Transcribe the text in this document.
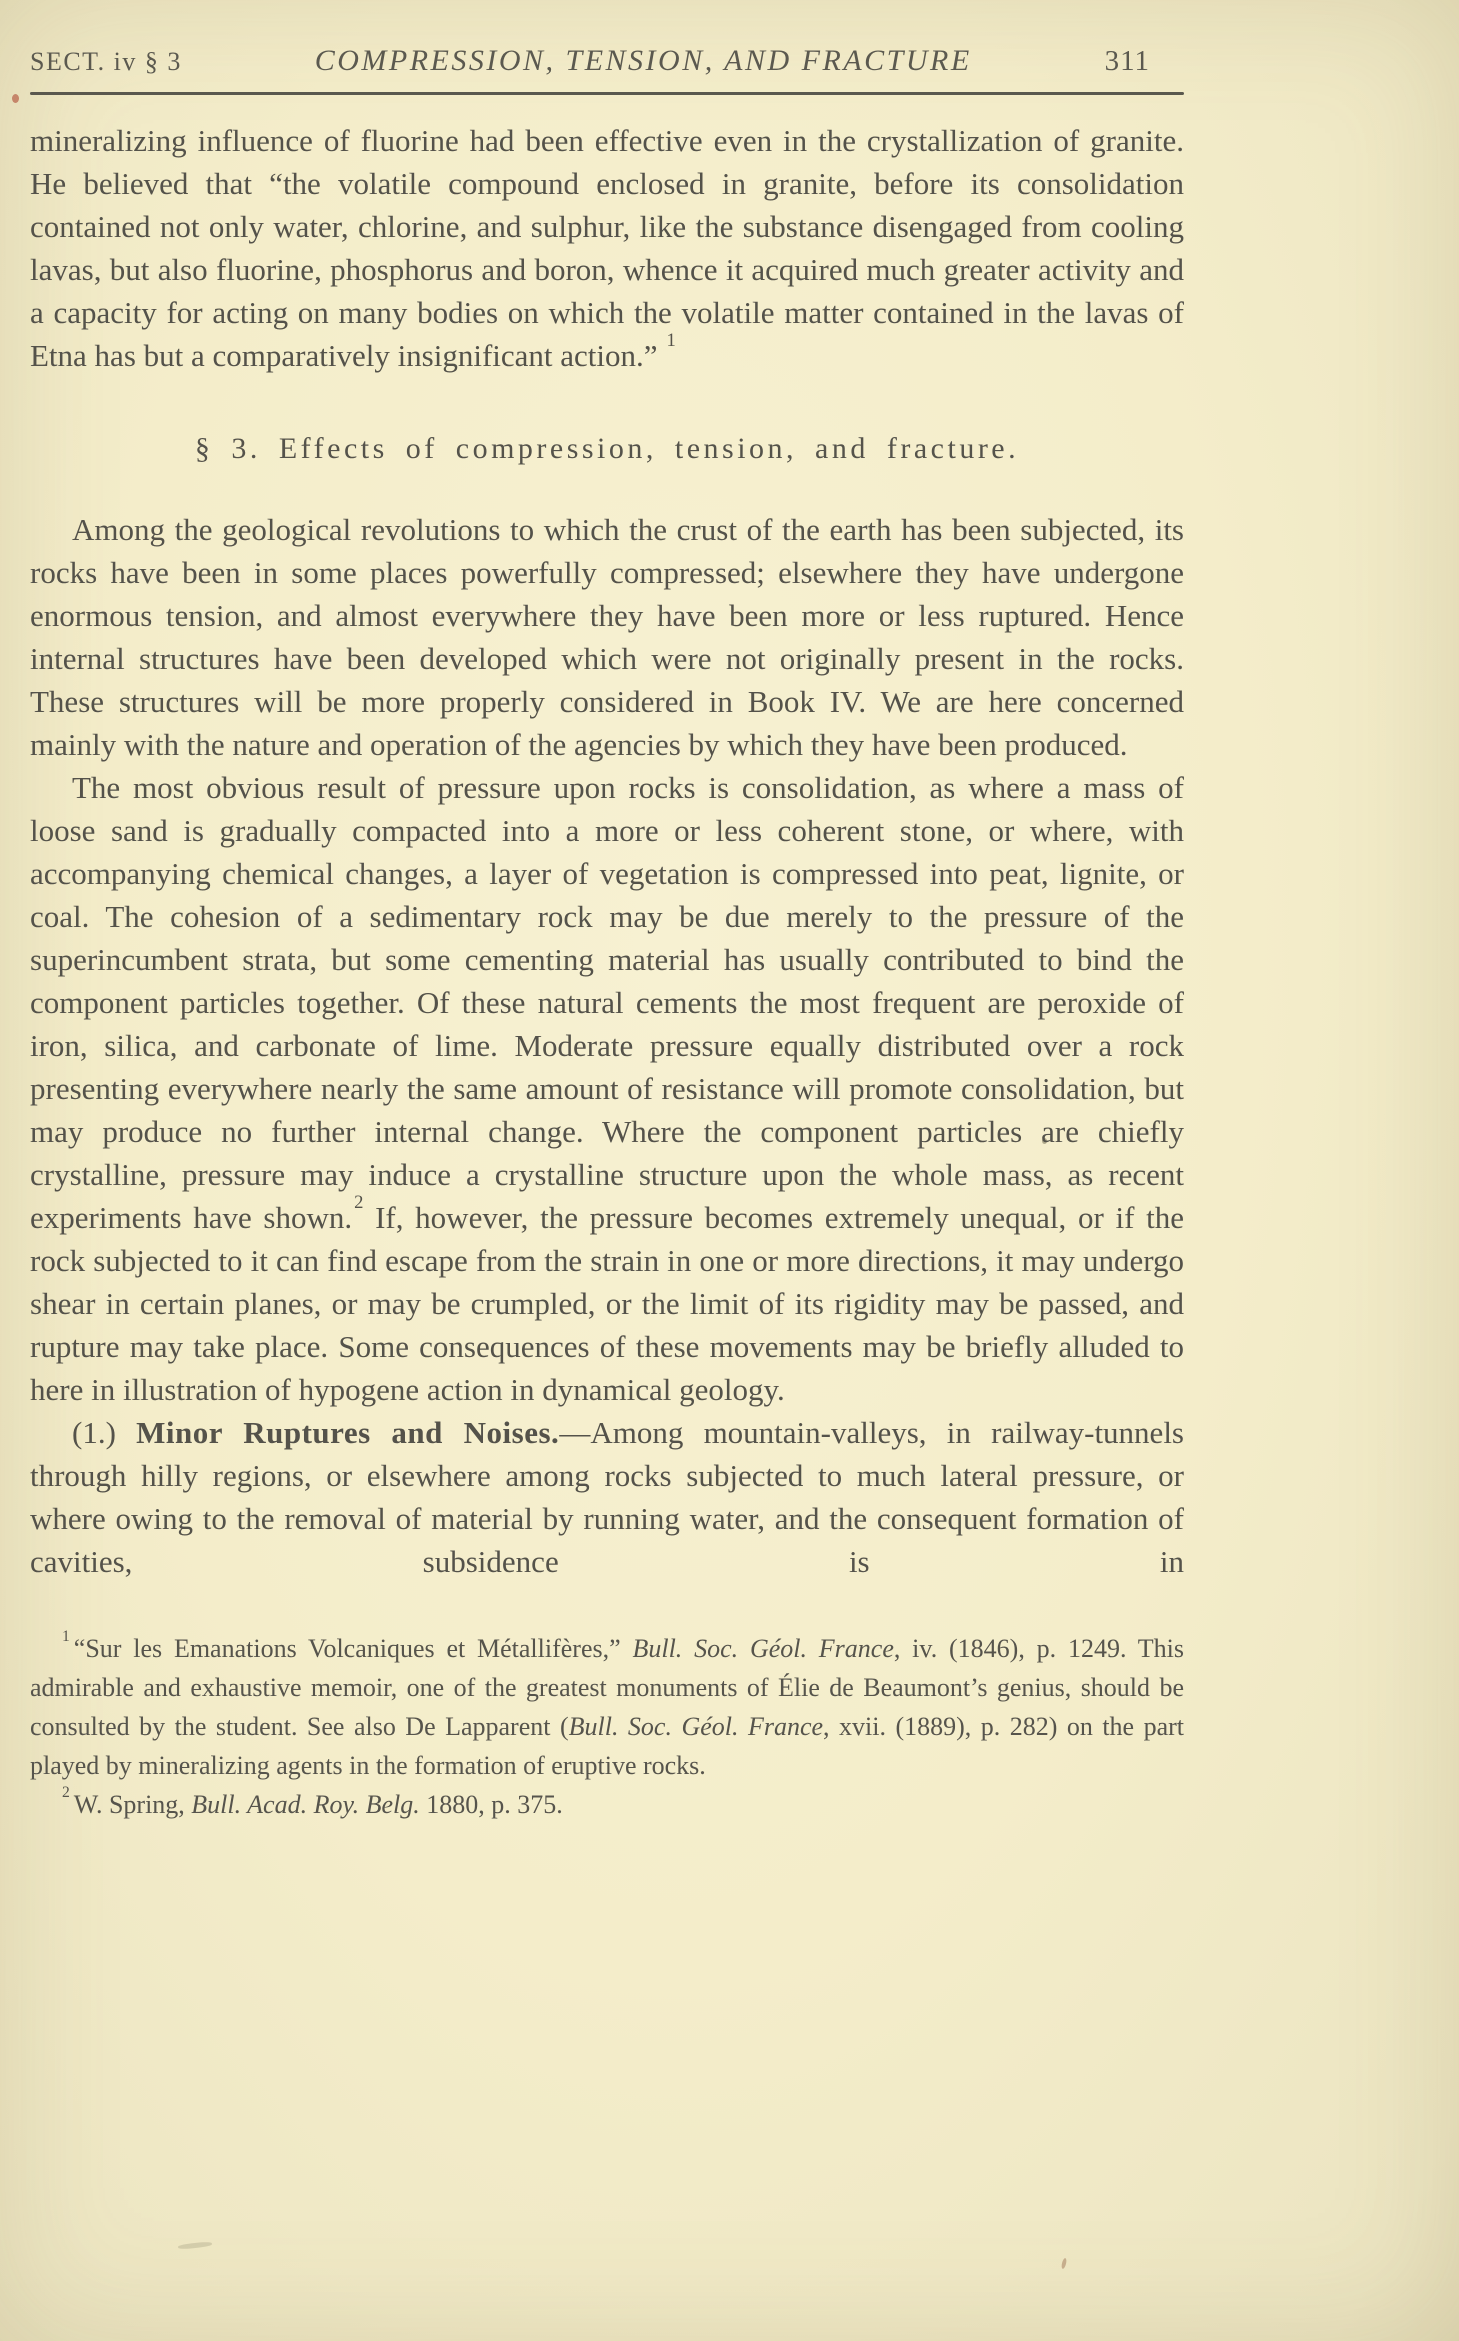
SECT. iv § 3	COMPRESSION, TENSION, AND FRACTURE	311

mineralizing influence of fluorine had been effective even in the crystallization of granite. He believed that “the volatile compound enclosed in granite, before its consolidation contained not only water, chlorine, and sulphur, like the substance disengaged from cooling lavas, but also fluorine, phosphorus and boron, whence it acquired much greater activity and a capacity for acting on many bodies on which the volatile matter contained in the lavas of Etna has but a comparatively insignificant action.” $^1$

§ 3. Effects of compression, tension, and fracture.

Among the geological revolutions to which the crust of the earth has been subjected, its rocks have been in some places powerfully compressed; elsewhere they have undergone enormous tension, and almost everywhere they have been more or less ruptured. Hence internal structures have been developed which were not originally present in the rocks. These structures will be more properly considered in Book IV. We are here concerned mainly with the nature and operation of the agencies by which they have been produced.

The most obvious result of pressure upon rocks is consolidation, as where a mass of loose sand is gradually compacted into a more or less coherent stone, or where, with accompanying chemical changes, a layer of vegetation is compressed into peat, lignite, or coal. The cohesion of a sedimentary rock may be due merely to the pressure of the superincumbent strata, but some cementing material has usually contributed to bind the component particles together. Of these natural cements the most frequent are peroxide of iron, silica, and carbonate of lime. Moderate pressure equally distributed over a rock presenting everywhere nearly the same amount of resistance will promote consolidation, but may produce no further internal change. Where the component particles are chiefly crystalline, pressure may induce a crystalline structure upon the whole mass, as recent experiments have shown. $^2$ If, however, the pressure becomes extremely unequal, or if the rock subjected to it can find escape from the strain in one or more directions, it may undergo shear in certain planes, or may be crumpled, or the limit of its rigidity may be passed, and rupture may take place. Some consequences of these movements may be briefly alluded to here in illustration of hypogene action in dynamical geology.

(1.) Minor Ruptures and Noises.—Among mountain-valleys, in railway-tunnels through hilly regions, or elsewhere among rocks subjected to much lateral pressure, or where owing to the removal of material by running water, and the consequent formation of cavities, subsidence is in

$^1$ “Sur les Emanations Volcaniques et Métallifères,” Bull. Soc. Géol. France, iv. (1846), p. 1249. This admirable and exhaustive memoir, one of the greatest monuments of Élie de Beaumont’s genius, should be consulted by the student. See also De Lapparent (Bull. Soc. Géol. France, xvii. (1889), p. 282) on the part played by mineralizing agents in the formation of eruptive rocks.

$^2$ W. Spring, Bull. Acad. Roy. Belg. 1880, p. 375.
